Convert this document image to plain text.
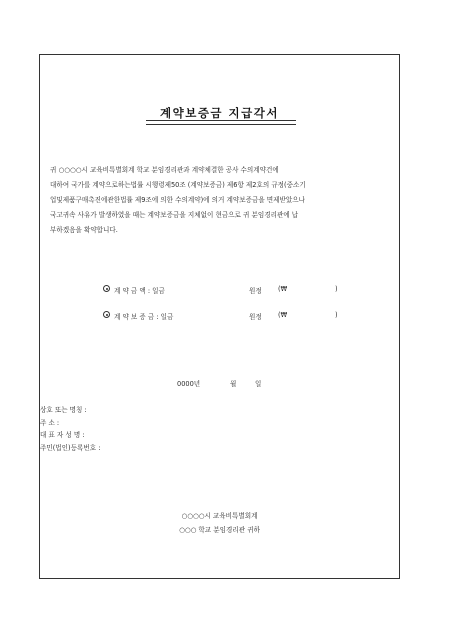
계약보증금 지급각서
귀 ○○○○시 교육비특별회계 학교 분임경리관과 계약체결한 공사 수의계약건에
대하여 국가를 계약으로하는법률 시행령제50조 (계약보증금) 제6항 제2호의 규정(중소기
업및제품구매촉진에관한법률 제9조에 의한 수의계약)에 의거 계약보증금을 면제받았으나
국고귀속 사유가 발생하였을 때는 계약보증금을 지체없이 현금으로 귀 분임경리관에 납
부하겠음을 확약합니다.
계 약 금 액 : 일금	원정 (₩	)
계 약 보 증 금 : 일금	원정 (₩	)
0000년	월	일
상호 또는 명칭 :
주 소 :
대 표 자 성 명 :
주민(법인)등록번호 :
○○○○시 교육비특별회계
○○○ 학교 분임경리관 귀하
